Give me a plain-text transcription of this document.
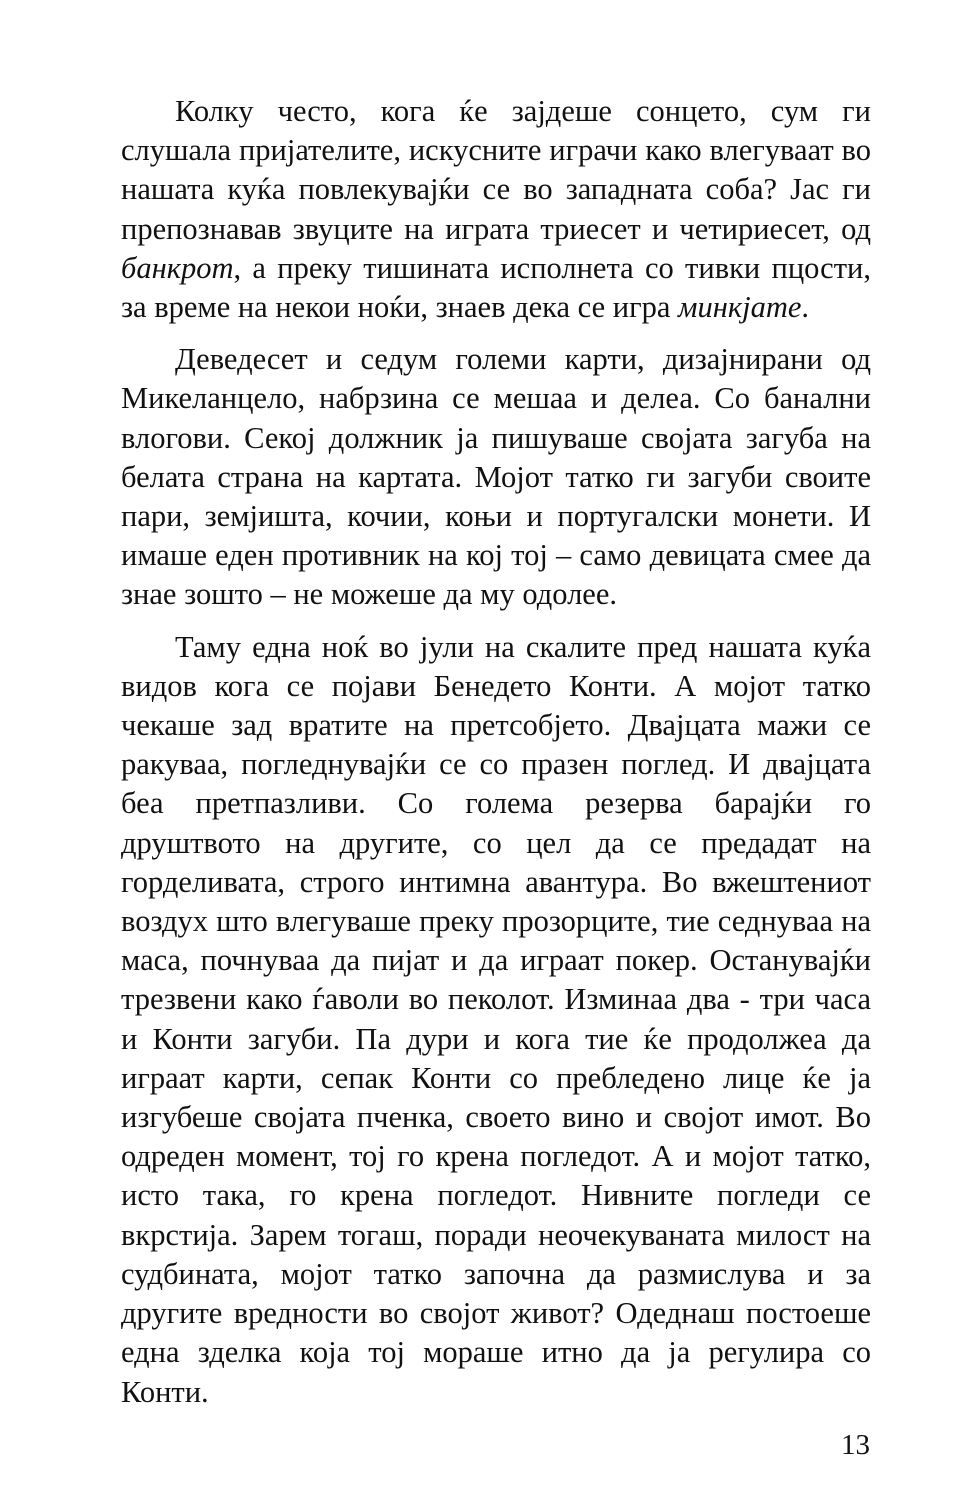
Колку често, кога ќе зајдеше сонцето, сум ги слушала пријателите, искусните играчи како влегуваат во нашата куќа повлекувајќи се во западната соба? Јас ги препознавав звуците на играта триесет и четириесет, од банкрот, а преку тишината исполнета со тивки пцости, за време на некои ноќи, знаев дека се игра минкјате.

Деведесет и седум големи карти, дизајнирани од Микеланцело, набрзина се мешаа и делеа. Со банални влогови. Секој должник ја пишуваше својата загуба на белата страна на картата. Мојот татко ги загуби своите пари, земјишта, кочии, коњи и португалски монети. И имаше еден противник на кој тој – само девицата смее да знае зошто – не можеше да му одолее.

Таму една ноќ во јули на скалите пред нашата куќа видов кога се појави Бенедето Конти. А мојот татко чекаше зад вратите на претсобјето. Двајцата мажи се ракуваа, погледнувајќи се со празен поглед. И двајцата беа претпазливи. Со голема резерва барајќи го друштвото на другите, со цел да се предадат на горделивата, строго интимна авантура. Во вжештениот воздух што влегуваше преку прозорците, тие седнуваа на маса, почнуваа да пијат и да играат покер. Останувајќи трезвени како ѓаволи во пеколот. Изминаа два - три часа и Конти загуби. Па дури и кога тие ќе продолжеа да играат карти, сепак Конти со пребледено лице ќе ја изгубеше својата пченка, своето вино и својот имот. Во одреден момент, тој го крена погледот. А и мојот татко, исто така, го крена погледот. Нивните погледи се вкрстија. Зарем тогаш, поради неочекуваната милост на судбината, мојот татко започна да размислува и за другите вредности во својот живот? Одеднаш постоеше една зделка која тој мораше итно да ја регулира со Конти.

13
